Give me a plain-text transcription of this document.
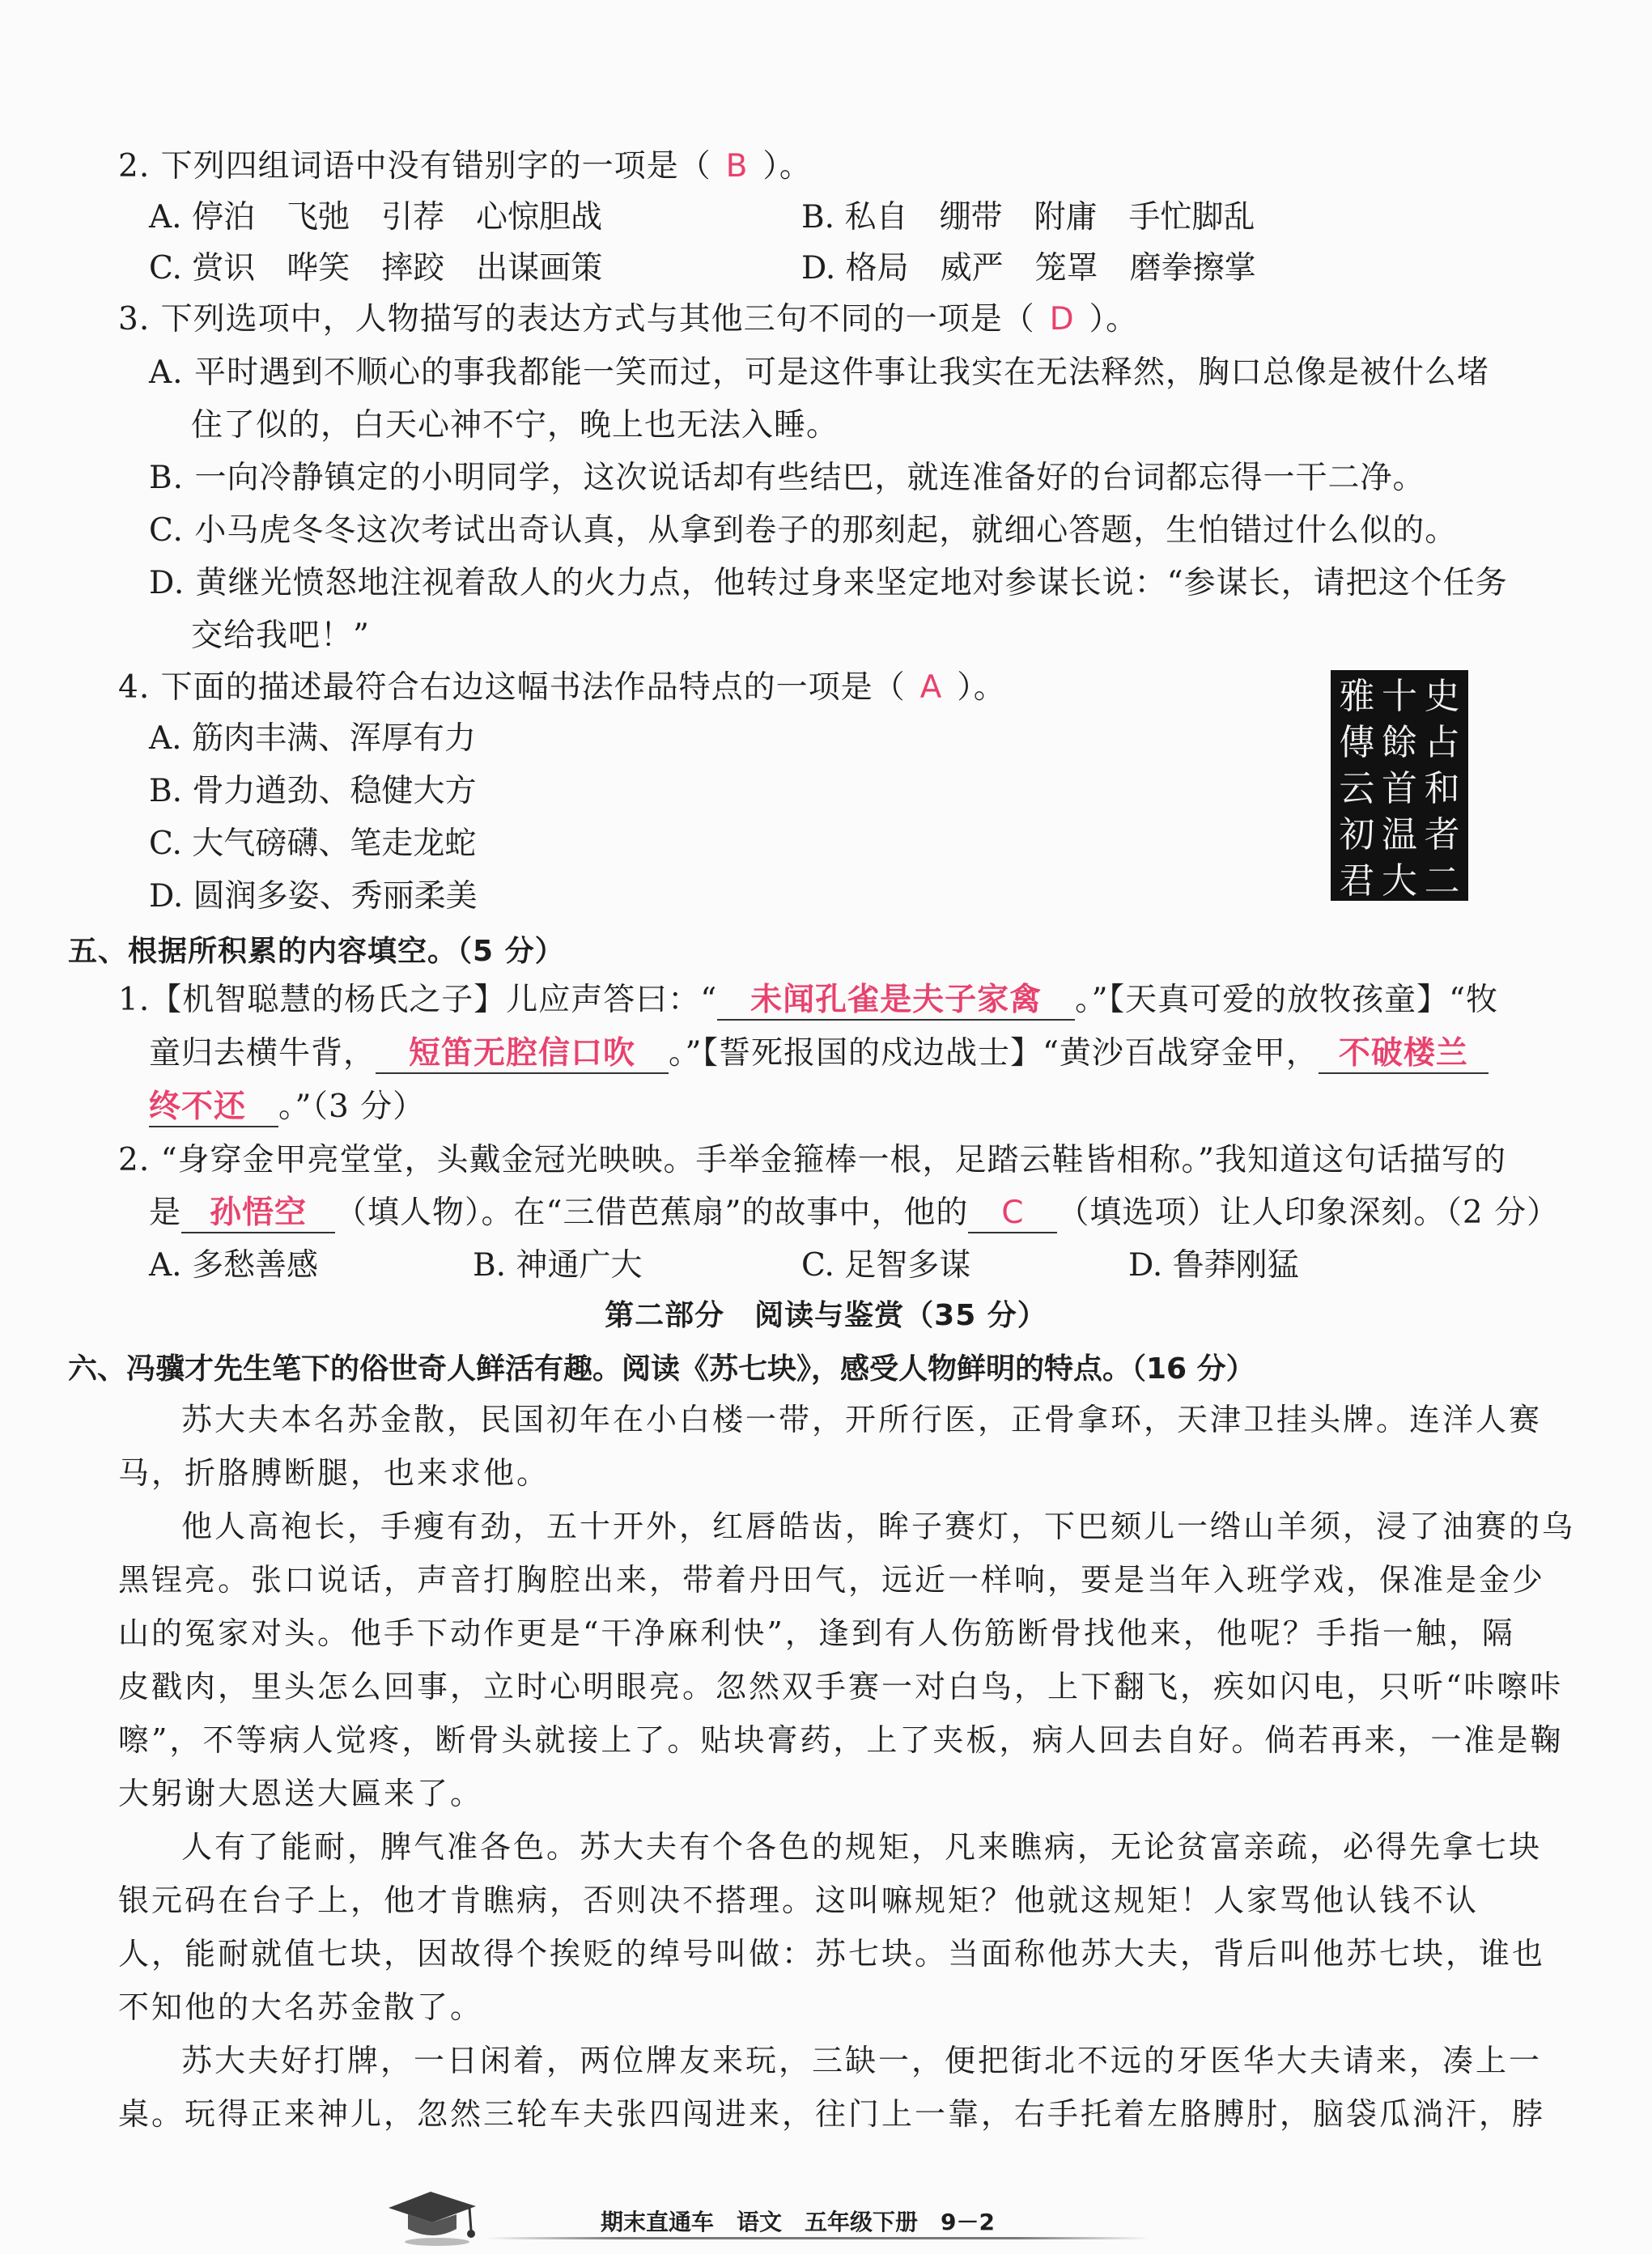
2. 下列四组词语中没有错别字的一项是（ B ）。
A. 停泊　飞弛　引荐　心惊胆战	B. 私自　绷带　附庸　手忙脚乱
C. 赏识　哗笑　摔跤　出谋画策	D. 格局　威严　笼罩　磨拳擦掌
3. 下列选项中，人物描写的表达方式与其他三句不同的一项是（ D ）。
A. 平时遇到不顺心的事我都能一笑而过，可是这件事让我实在无法释然，胸口总像是被什么堵
住了似的，白天心神不宁，晚上也无法入睡。
B. 一向冷静镇定的小明同学，这次说话却有些结巴，就连准备好的台词都忘得一干二净。
C. 小马虎冬冬这次考试出奇认真，从拿到卷子的那刻起，就细心答题，生怕错过什么似的。
D. 黄继光愤怒地注视着敌人的火力点，他转过身来坚定地对参谋长说：“参谋长，请把这个任务
交给我吧！”
4. 下面的描述最符合右边这幅书法作品特点的一项是（ A ）。
A. 筋肉丰满、浑厚有力
B. 骨力遒劲、稳健大方
C. 大气磅礴、笔走龙蛇
D. 圆润多姿、秀丽柔美
史
占
和
者
二
十
餘
首
温
大
雅
傳
云
初
君
五、根据所积累的内容填空。（5 分）
1.【机智聪慧的杨氏之子】儿应声答曰：“ 未闻孔雀是夫子家禽 。”【天真可爱的放牧孩童】“牧
童归去横牛背， 短笛无腔信口吹 。”【誓死报国的戍边战士】“黄沙百战穿金甲， 不破楼兰
终不还 。”（3 分）
2. “身穿金甲亮堂堂，头戴金冠光映映。手举金箍棒一根，足踏云鞋皆相称。”我知道这句话描写的
是 孙悟空 （填人物）。在“三借芭蕉扇”的故事中，他的 C （填选项）让人印象深刻。（2 分）
A. 多愁善感	B. 神通广大	C. 足智多谋	D. 鲁莽刚猛
第二部分　阅读与鉴赏（35 分）
六、冯骥才先生笔下的俗世奇人鲜活有趣。阅读《苏七块》，感受人物鲜明的特点。（16 分）
苏大夫本名苏金散，民国初年在小白楼一带，开所行医，正骨拿环，天津卫挂头牌。连洋人赛
马，折胳膊断腿，也来求他。
他人高袍长，手瘦有劲，五十开外，红唇皓齿，眸子赛灯，下巴颏儿一绺山羊须，浸了油赛的乌
黑锃亮。张口说话，声音打胸腔出来，带着丹田气，远近一样响，要是当年入班学戏，保准是金少
山的冤家对头。他手下动作更是“干净麻利快”，逢到有人伤筋断骨找他来，他呢？手指一触，隔
皮戳肉，里头怎么回事，立时心明眼亮。忽然双手赛一对白鸟，上下翻飞，疾如闪电，只听“咔嚓咔
嚓”，不等病人觉疼，断骨头就接上了。贴块膏药，上了夹板，病人回去自好。倘若再来，一准是鞠
大躬谢大恩送大匾来了。
人有了能耐，脾气准各色。苏大夫有个各色的规矩，凡来瞧病，无论贫富亲疏，必得先拿七块
银元码在台子上，他才肯瞧病，否则决不搭理。这叫嘛规矩？他就这规矩！人家骂他认钱不认
人，能耐就值七块，因故得个挨贬的绰号叫做：苏七块。当面称他苏大夫，背后叫他苏七块，谁也
不知他的大名苏金散了。
苏大夫好打牌，一日闲着，两位牌友来玩，三缺一，便把街北不远的牙医华大夫请来，凑上一
桌。玩得正来神儿，忽然三轮车夫张四闯进来，往门上一靠，右手托着左胳膊肘，脑袋瓜淌汗，脖
期末直通车　语文　五年级下册　9－2
